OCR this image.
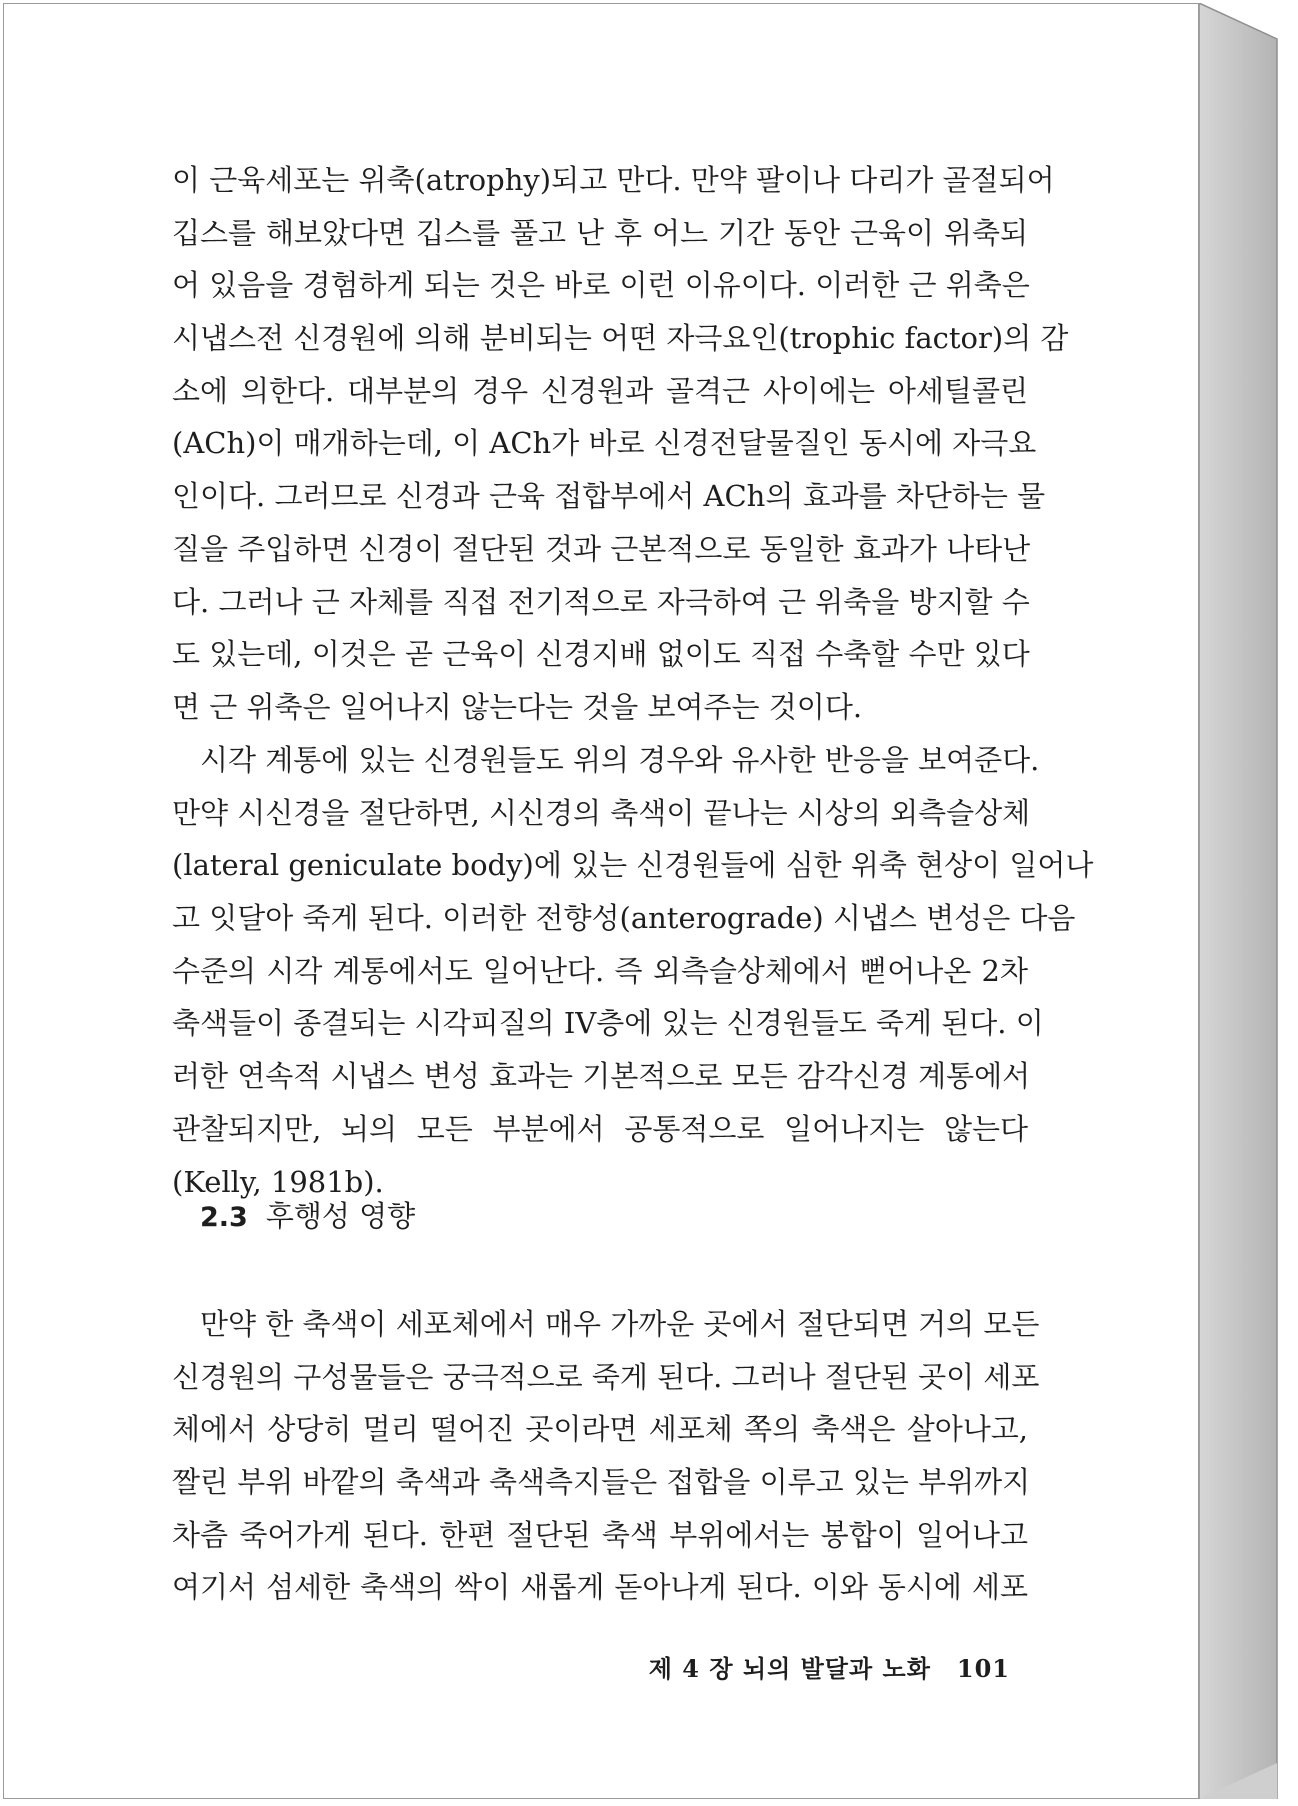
이 근육세포는 위축(atrophy)되고 만다. 만약 팔이나 다리가 골절되어
깁스를 해보았다면 깁스를 풀고 난 후 어느 기간 동안 근육이 위축되
어 있음을 경험하게 되는 것은 바로 이런 이유이다. 이러한 근 위축은
시냅스전 신경원에 의해 분비되는 어떤 자극요인(trophic factor)의 감
소에 의한다. 대부분의 경우 신경원과 골격근 사이에는 아세틸콜린
(ACh)이 매개하는데, 이 ACh가 바로 신경전달물질인 동시에 자극요
인이다. 그러므로 신경과 근육 접합부에서 ACh의 효과를 차단하는 물
질을 주입하면 신경이 절단된 것과 근본적으로 동일한 효과가 나타난
다. 그러나 근 자체를 직접 전기적으로 자극하여 근 위축을 방지할 수
도 있는데, 이것은 곧 근육이 신경지배 없이도 직접 수축할 수만 있다
면 근 위축은 일어나지 않는다는 것을 보여주는 것이다.

시각 계통에 있는 신경원들도 위의 경우와 유사한 반응을 보여준다.
만약 시신경을 절단하면, 시신경의 축색이 끝나는 시상의 외측슬상체
(lateral geniculate body)에 있는 신경원들에 심한 위축 현상이 일어나
고 잇달아 죽게 된다. 이러한 전향성(anterograde) 시냅스 변성은 다음
수준의 시각 계통에서도 일어난다. 즉 외측슬상체에서 뻗어나온 2차
축색들이 종결되는 시각피질의 IV층에 있는 신경원들도 죽게 된다. 이
러한 연속적 시냅스 변성 효과는 기본적으로 모든 감각신경 계통에서
관찰되지만, 뇌의 모든 부분에서 공통적으로 일어나지는 않는다
(Kelly, 1981b).

2.3 후행성 영향

만약 한 축색이 세포체에서 매우 가까운 곳에서 절단되면 거의 모든
신경원의 구성물들은 궁극적으로 죽게 된다. 그러나 절단된 곳이 세포
체에서 상당히 멀리 떨어진 곳이라면 세포체 쪽의 축색은 살아나고,
짤린 부위 바깥의 축색과 축색측지들은 접합을 이루고 있는 부위까지
차츰 죽어가게 된다. 한편 절단된 축색 부위에서는 봉합이 일어나고
여기서 섬세한 축색의 싹이 새롭게 돋아나게 된다. 이와 동시에 세포

제 4 장 뇌의 발달과 노화 101
